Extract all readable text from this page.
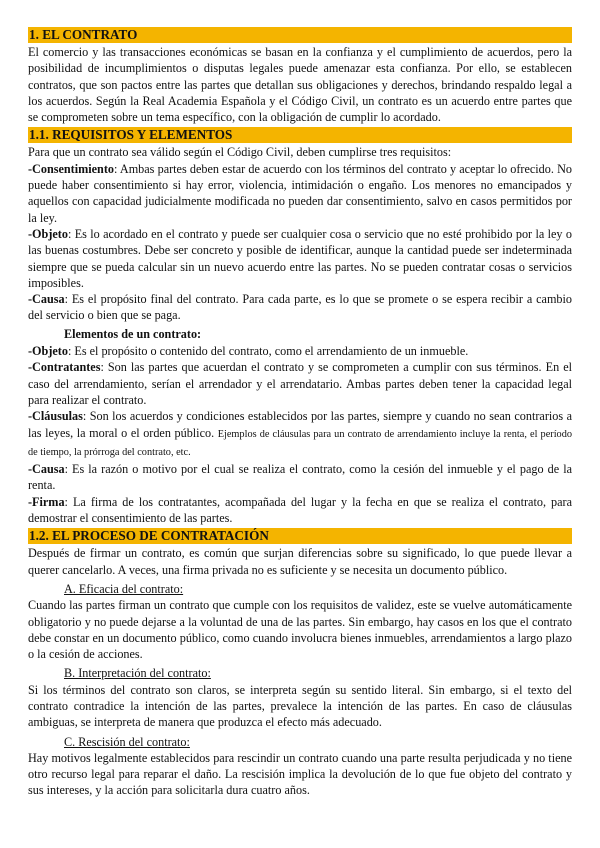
1. EL CONTRATO

El comercio y las transacciones económicas se basan en la confianza y el cumplimiento de acuerdos, pero la posibilidad de incumplimientos o disputas legales puede amenazar esta confianza. Por ello, se establecen contratos, que son pactos entre las partes que detallan sus obligaciones y derechos, brindando respaldo legal a los acuerdos. Según la Real Academia Española y el Código Civil, un contrato es un acuerdo entre partes que se comprometen sobre un tema específico, con la obligación de cumplir lo acordado.

1.1. REQUISITOS Y ELEMENTOS

Para que un contrato sea válido según el Código Civil, deben cumplirse tres requisitos:

-Consentimiento: Ambas partes deben estar de acuerdo con los términos del contrato y aceptar lo ofrecido. No puede haber consentimiento si hay error, violencia, intimidación o engaño. Los menores no emancipados y aquellos con capacidad judicialmente modificada no pueden dar consentimiento, salvo en casos permitidos por la ley.

-Objeto: Es lo acordado en el contrato y puede ser cualquier cosa o servicio que no esté prohibido por la ley o las buenas costumbres. Debe ser concreto y posible de identificar, aunque la cantidad puede ser indeterminada siempre que se pueda calcular sin un nuevo acuerdo entre las partes. No se pueden contratar cosas o servicios imposibles.

-Causa: Es el propósito final del contrato. Para cada parte, es lo que se promete o se espera recibir a cambio del servicio o bien que se paga.

Elementos de un contrato:

-Objeto: Es el propósito o contenido del contrato, como el arrendamiento de un inmueble.

-Contratantes: Son las partes que acuerdan el contrato y se comprometen a cumplir con sus términos. En el caso del arrendamiento, serían el arrendador y el arrendatario. Ambas partes deben tener la capacidad legal para realizar el contrato.

-Cláusulas: Son los acuerdos y condiciones establecidos por las partes, siempre y cuando no sean contrarios a las leyes, la moral o el orden público. Ejemplos de cláusulas para un contrato de arrendamiento incluye la renta, el período de tiempo, la prórroga del contrato, etc.

-Causa: Es la razón o motivo por el cual se realiza el contrato, como la cesión del inmueble y el pago de la renta.

-Firma: La firma de los contratantes, acompañada del lugar y la fecha en que se realiza el contrato, para demostrar el consentimiento de las partes.

1.2. EL PROCESO DE CONTRATACIÓN

Después de firmar un contrato, es común que surjan diferencias sobre su significado, lo que puede llevar a querer cancelarlo. A veces, una firma privada no es suficiente y se necesita un documento público.

A. Eficacia del contrato:

Cuando las partes firman un contrato que cumple con los requisitos de validez, este se vuelve automáticamente obligatorio y no puede dejarse a la voluntad de una de las partes. Sin embargo, hay casos en los que el contrato debe constar en un documento público, como cuando involucra bienes inmuebles, arrendamientos a largo plazo o la cesión de acciones.

B. Interpretación del contrato:

Si los términos del contrato son claros, se interpreta según su sentido literal. Sin embargo, si el texto del contrato contradice la intención de las partes, prevalece la intención de las partes. En caso de cláusulas ambiguas, se interpreta de manera que produzca el efecto más adecuado.

C. Rescisión del contrato:

Hay motivos legalmente establecidos para rescindir un contrato cuando una parte resulta perjudicada y no tiene otro recurso legal para reparar el daño. La rescisión implica la devolución de lo que fue objeto del contrato y sus intereses, y la acción para solicitarla dura cuatro años.
